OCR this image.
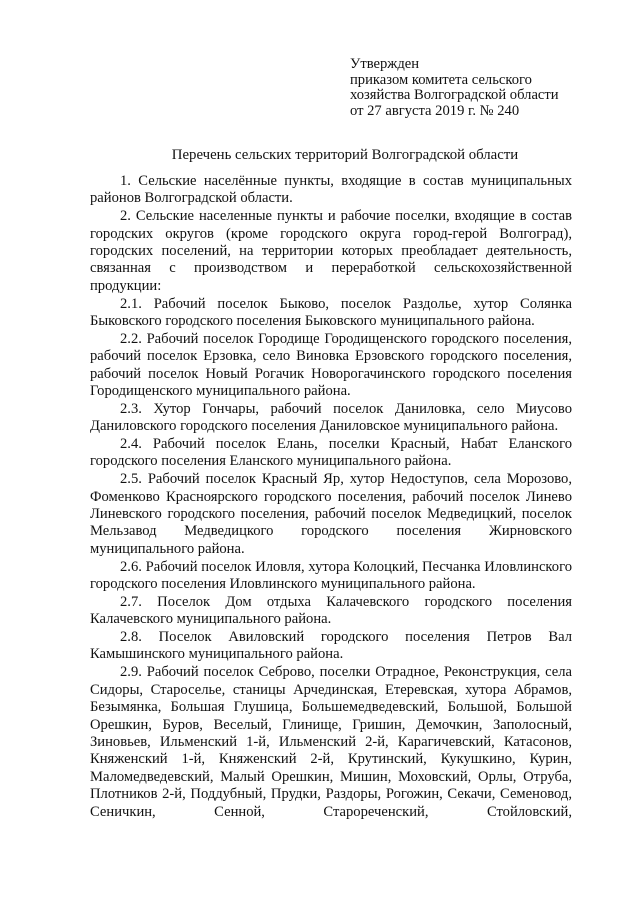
Утвержден
приказом комитета сельского
хозяйства Волгоградской области
от 27 августа 2019 г. № 240
Перечень сельских территорий Волгоградской области

1. Сельские населённые пункты, входящие в состав муниципальных районов Волгоградской области.

2. Сельские населенные пункты и рабочие поселки, входящие в состав городских округов (кроме городского округа город-герой Волгоград), городских поселений, на территории которых преобладает деятельность, связанная с производством и переработкой сельскохозяйственной продукции:

2.1. Рабочий поселок Быково, поселок Раздолье, хутор Солянка Быковского городского поселения Быковского муниципального района.

2.2. Рабочий поселок Городище Городищенского городского поселения, рабочий поселок Ерзовка, село Виновка Ерзовского городского поселения, рабочий поселок Новый Рогачик Новорогачинского городского поселения Городищенского муниципального района.

2.3. Хутор Гончары, рабочий поселок Даниловка, село Миусово Даниловского городского поселения Даниловское муниципального района.

2.4. Рабочий поселок Елань, поселки Красный, Набат Еланского городского поселения Еланского муниципального района.

2.5. Рабочий поселок Красный Яр, хутор Недоступов, села Морозово, Фоменково Красноярского городского поселения, рабочий поселок Линево Линевского городского поселения, рабочий поселок Медведицкий, поселок Мельзавод Медведицкого городского поселения Жирновского муниципального района.

2.6. Рабочий поселок Иловля, хутора Колоцкий, Песчанка Иловлинского городского поселения Иловлинского муниципального района.

2.7. Поселок Дом отдыха Калачевского городского поселения Калачевского муниципального района.

2.8. Поселок Авиловский городского поселения Петров Вал Камышинского муниципального района.

2.9. Рабочий поселок Себрово, поселки Отрадное, Реконструкция, села Сидоры, Староселье, станицы Арчединская, Етеревская, хутора Абрамов, Безымянка, Большая Глушица, Большемедведевский, Большой, Большой Орешкин, Буров, Веселый, Глинище, Гришин, Демочкин, Заполосный, Зиновьев, Ильменский 1-й, Ильменский 2-й, Карагичевский, Катасонов, Княженский 1-й, Княженский 2-й, Крутинский, Кукушкино, Курин, Маломедведевский, Малый Орешкин, Мишин, Моховский, Орлы, Отруба, Плотников 2-й, Поддубный, Прудки, Раздоры, Рогожин, Секачи, Семеновод, Сеничкин, Сенной, Старореченский, Стойловский,
